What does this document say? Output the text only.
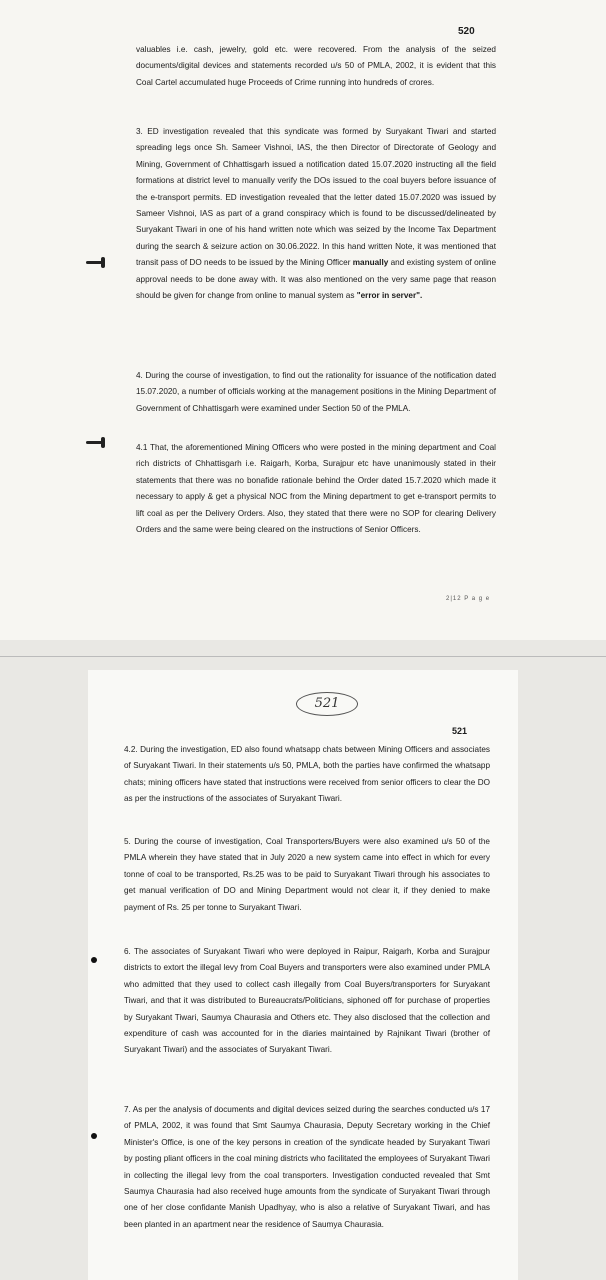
520

valuables i.e. cash, jewelry, gold etc. were recovered. From the analysis of the seized documents/digital devices and statements recorded u/s 50 of PMLA, 2002, it is evident that this Coal Cartel accumulated huge Proceeds of Crime running into hundreds of crores.

3. ED investigation revealed that this syndicate was formed by Suryakant Tiwari and started spreading legs once Sh. Sameer Vishnoi, IAS, the then Director of Directorate of Geology and Mining, Government of Chhattisgarh issued a notification dated 15.07.2020 instructing all the field formations at district level to manually verify the DOs issued to the coal buyers before issuance of the e-transport permits. ED investigation revealed that the letter dated 15.07.2020 was issued by Sameer Vishnoi, IAS as part of a grand conspiracy which is found to be discussed/delineated by Suryakant Tiwari in one of his hand written note which was seized by the Income Tax Department during the search & seizure action on 30.06.2022. In this hand written Note, it was mentioned that transit pass of DO needs to be issued by the Mining Officer manually and existing system of online approval needs to be done away with. It was also mentioned on the very same page that reason should be given for change from online to manual system as "error in server".

4. During the course of investigation, to find out the rationality for issuance of the notification dated 15.07.2020, a number of officials working at the management positions in the Mining Department of Government of Chhattisgarh were examined under Section 50 of the PMLA.

4.1 That, the aforementioned Mining Officers who were posted in the mining department and Coal rich districts of Chhattisgarh i.e. Raigarh, Korba, Surajpur etc have unanimously stated in their statements that there was no bonafide rationale behind the Order dated 15.7.2020 which made it necessary to apply & get a physical NOC from the Mining department to get e-transport permits to lift coal as per the Delivery Orders. Also, they stated that there were no SOP for clearing Delivery Orders and the same were being cleared on the instructions of Senior Officers.

2|12 P a g e
521
521

4.2. During the investigation, ED also found whatsapp chats between Mining Officers and associates of Suryakant Tiwari. In their statements u/s 50, PMLA, both the parties have confirmed the whatsapp chats; mining officers have stated that instructions were received from senior officers to clear the DO as per the instructions of the associates of Suryakant Tiwari.

5. During the course of investigation, Coal Transporters/Buyers were also examined u/s 50 of the PMLA wherein they have stated that in July 2020 a new system came into effect in which for every tonne of coal to be transported, Rs.25 was to be paid to Suryakant Tiwari through his associates to get manual verification of DO and Mining Department would not clear it, if they denied to make payment of Rs. 25 per tonne to Suryakant Tiwari.

6. The associates of Suryakant Tiwari who were deployed in Raipur, Raigarh, Korba and Surajpur districts to extort the illegal levy from Coal Buyers and transporters were also examined under PMLA who admitted that they used to collect cash illegally from Coal Buyers/transporters for Suryakant Tiwari, and that it was distributed to Bureaucrats/Politicians, siphoned off for purchase of properties by Suryakant Tiwari, Saumya Chaurasia and Others etc. They also disclosed that the collection and expenditure of cash was accounted for in the diaries maintained by Rajnikant Tiwari (brother of Suryakant Tiwari) and the associates of Suryakant Tiwari.

7. As per the analysis of documents and digital devices seized during the searches conducted u/s 17 of PMLA, 2002, it was found that Smt Saumya Chaurasia, Deputy Secretary working in the Chief Minister's Office, is one of the key persons in creation of the syndicate headed by Suryakant Tiwari by posting pliant officers in the coal mining districts who facilitated the employees of Suryakant Tiwari in collecting the illegal levy from the coal transporters. Investigation conducted revealed that Smt Saumya Chaurasia had also received huge amounts from the syndicate of Suryakant Tiwari through one of her close confidante Manish Upadhyay, who is also a relative of Suryakant Tiwari, and has been planted in an apartment near the residence of Saumya Chaurasia.
